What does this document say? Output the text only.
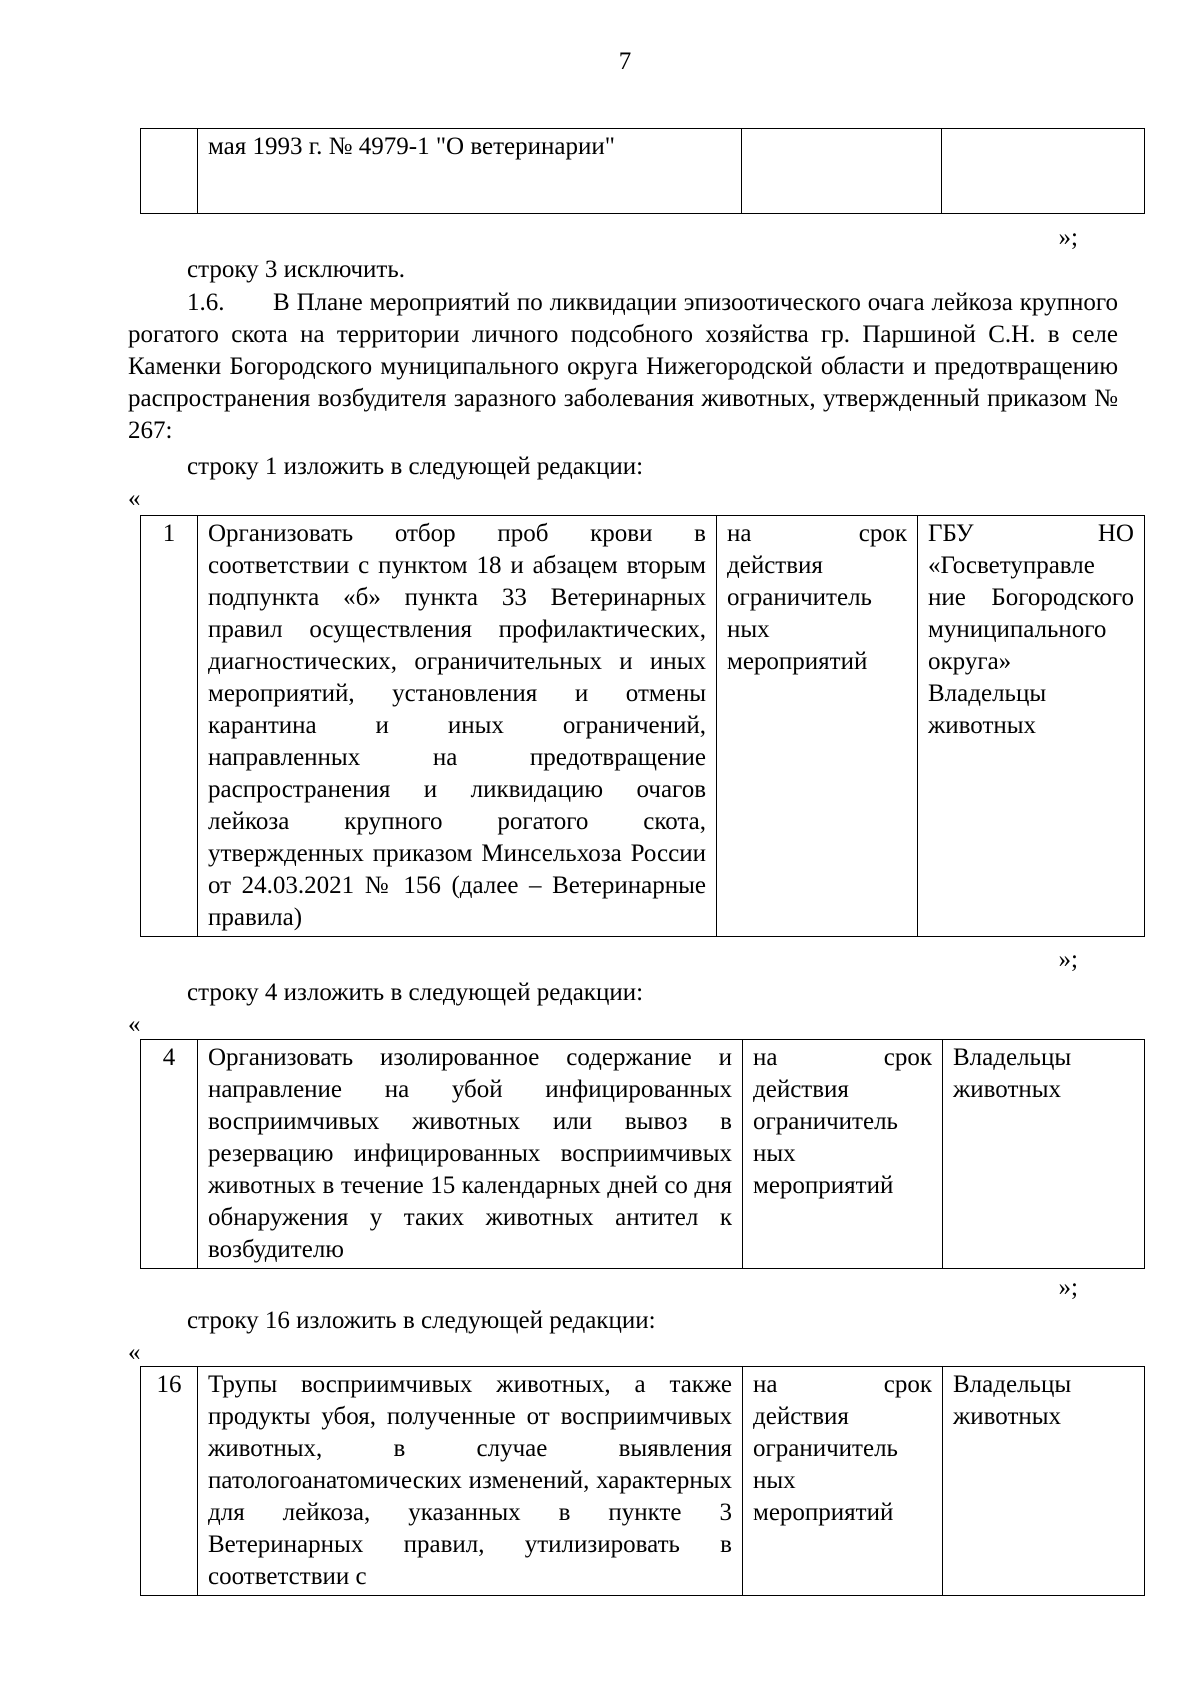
7
	мая 1993 г. № 4979-1 "О ветеринарии"		
»;

строку 3 исключить.

1.6.       В Плане мероприятий по ликвидации эпизоотического очага лейкоза крупного рогатого скота на территории личного подсобного хозяйства гр. Паршиной С.Н. в селе Каменки Богородского муниципального округа Нижегородской области и предотвращению распространения возбудителя заразного заболевания животных, утвержденный приказом № 267:

строку 1 изложить в следующей редакции:

«
1	Организовать отбор проб крови в соответствии с пунктом 18 и абзацем вторым подпункта «б» пункта 33 Ветеринарных правил осуществления профилактических, диагностических, ограничительных и иных мероприятий, установления и отмены карантина и иных ограничений, направленных на предотвращение распространения и ликвидацию очагов лейкоза крупного рогатого скота, утвержденных приказом Минсельхоза России от 24.03.2021 № 156 (далее – Ветеринарные правила)	на срок действия ограничитель ных мероприятий	ГБУ НО «Госветуправле ние Богородского муниципального округа» Владельцы животных
»;

строку 4 изложить в следующей редакции:

«
4	Организовать изолированное содержание и направление на убой инфицированных восприимчивых животных или вывоз в резервацию инфицированных восприимчивых животных в течение 15 календарных дней со дня обнаружения у таких животных антител к возбудителю	на срок действия ограничитель ных мероприятий	Владельцы животных
»;

строку 16 изложить в следующей редакции:

«
16	Трупы восприимчивых животных, а также продукты убоя, полученные от восприимчивых животных, в случае выявления патологоанатомических изменений, характерных для лейкоза, указанных в пункте 3 Ветеринарных правил, утилизировать в соответствии с	на срок действия ограничитель ных мероприятий	Владельцы животных
